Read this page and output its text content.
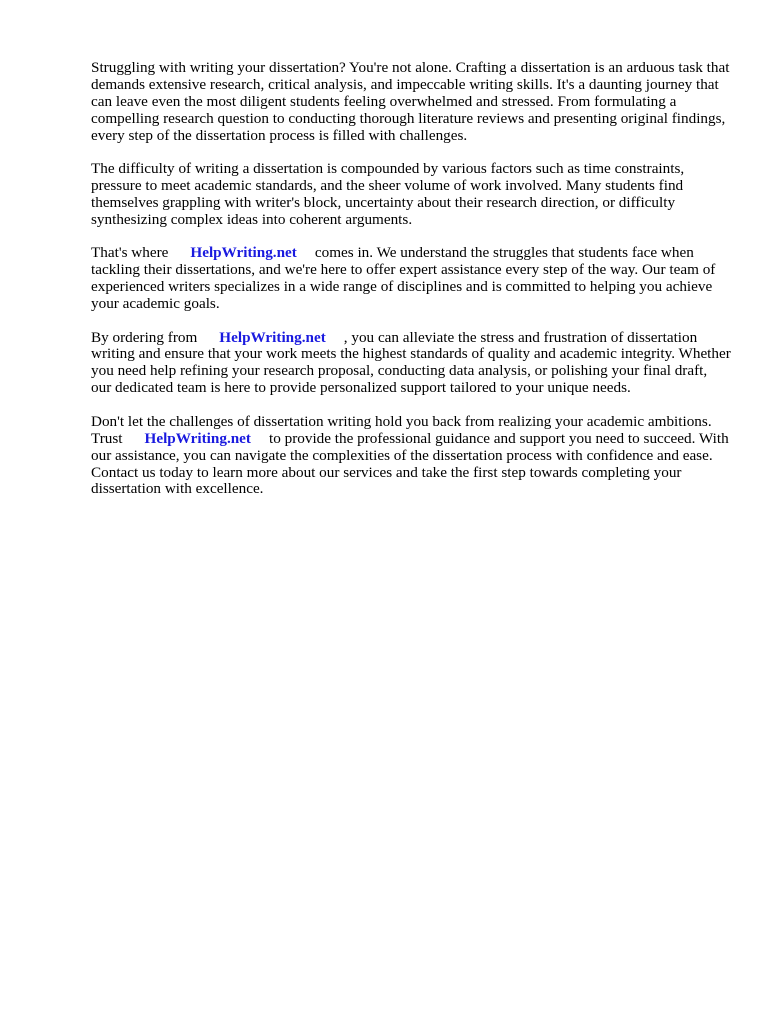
Struggling with writing your dissertation? You're not alone. Crafting a dissertation is an arduous task that demands extensive research, critical analysis, and impeccable writing skills. It's a daunting journey that can leave even the most diligent students feeling overwhelmed and stressed. From formulating a compelling research question to conducting thorough literature reviews and presenting original findings, every step of the dissertation process is filled with challenges.

The difficulty of writing a dissertation is compounded by various factors such as time constraints, pressure to meet academic standards, and the sheer volume of work involved. Many students find themselves grappling with writer's block, uncertainty about their research direction, or difficulty synthesizing complex ideas into coherent arguments.

That's where HelpWriting.net comes in. We understand the struggles that students face when tackling their dissertations, and we're here to offer expert assistance every step of the way. Our team of experienced writers specializes in a wide range of disciplines and is committed to helping you achieve your academic goals.

By ordering from HelpWriting.net , you can alleviate the stress and frustration of dissertation writing and ensure that your work meets the highest standards of quality and academic integrity. Whether you need help refining your research proposal, conducting data analysis, or polishing your final draft, our dedicated team is here to provide personalized support tailored to your unique needs.

Don't let the challenges of dissertation writing hold you back from realizing your academic ambitions. Trust HelpWriting.net to provide the professional guidance and support you need to succeed. With our assistance, you can navigate the complexities of the dissertation process with confidence and ease. Contact us today to learn more about our services and take the first step towards completing your dissertation with excellence.
